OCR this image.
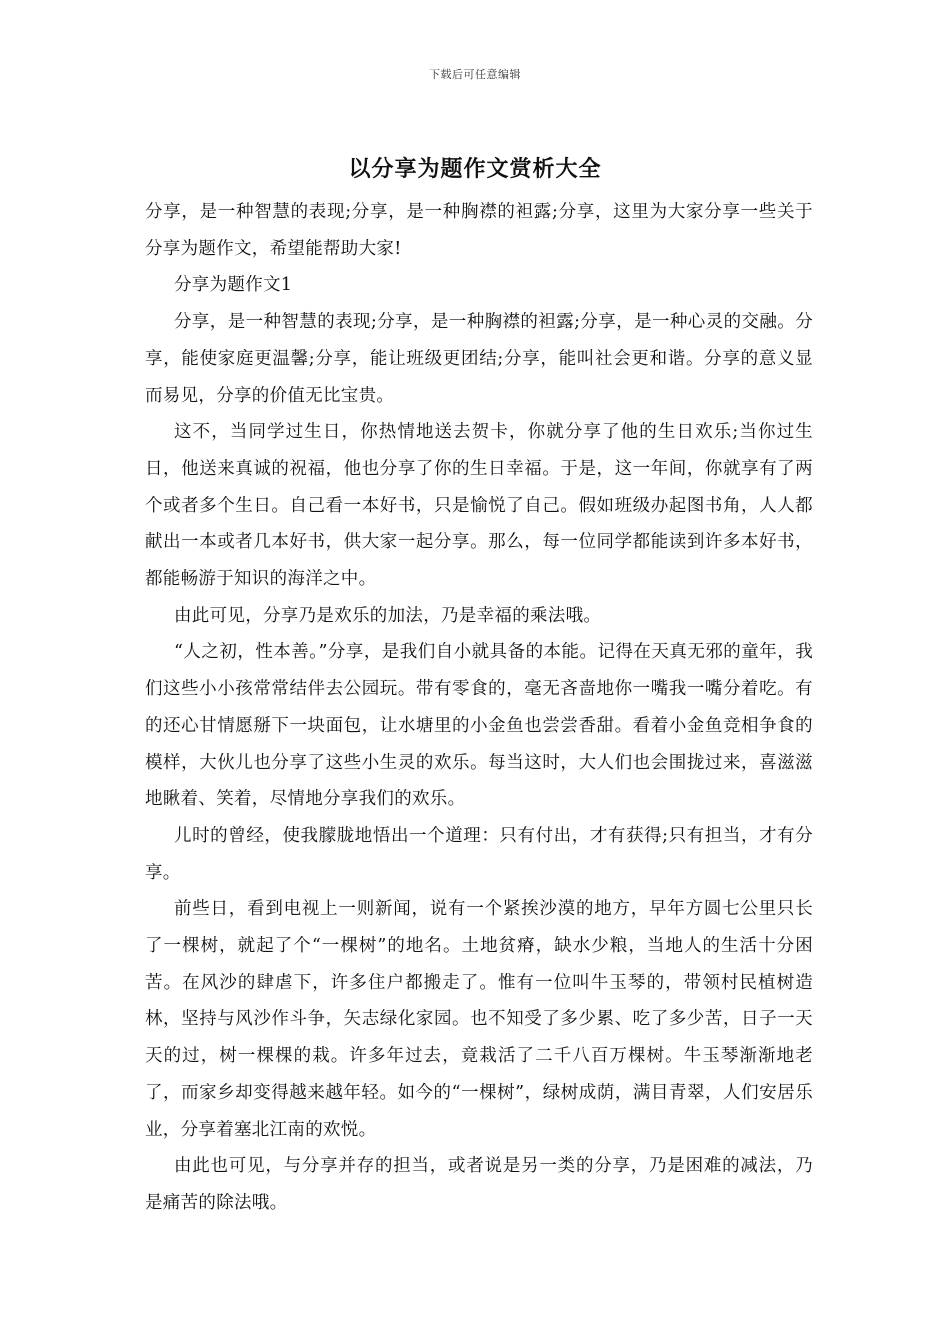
下载后可任意编辑
以分享为题作文赏析大全

分享，是一种智慧的表现;分享，是一种胸襟的袒露;分享，这里为大家分享一些关于分享为题作文，希望能帮助大家!

分享为题作文1

分享，是一种智慧的表现;分享，是一种胸襟的袒露;分享，是一种心灵的交融。分享，能使家庭更温馨;分享，能让班级更团结;分享，能叫社会更和谐。分享的意义显而易见，分享的价值无比宝贵。

这不，当同学过生日，你热情地送去贺卡，你就分享了他的生日欢乐;当你过生日，他送来真诚的祝福，他也分享了你的生日幸福。于是，这一年间，你就享有了两个或者多个生日。自己看一本好书，只是愉悦了自己。假如班级办起图书角，人人都献出一本或者几本好书，供大家一起分享。那么，每一位同学都能读到许多本好书，都能畅游于知识的海洋之中。

由此可见，分享乃是欢乐的加法，乃是幸福的乘法哦。

“人之初，性本善。”分享，是我们自小就具备的本能。记得在天真无邪的童年，我们这些小小孩常常结伴去公园玩。带有零食的，毫无吝啬地你一嘴我一嘴分着吃。有的还心甘情愿掰下一块面包，让水塘里的小金鱼也尝尝香甜。看着小金鱼竞相争食的模样，大伙儿也分享了这些小生灵的欢乐。每当这时，大人们也会围拢过来，喜滋滋地瞅着、笑着，尽情地分享我们的欢乐。

儿时的曾经，使我朦胧地悟出一个道理：只有付出，才有获得;只有担当，才有分享。

前些日，看到电视上一则新闻，说有一个紧挨沙漠的地方，早年方圆七公里只长了一棵树，就起了个“一棵树”的地名。土地贫瘠，缺水少粮，当地人的生活十分困苦。在风沙的肆虐下，许多住户都搬走了。惟有一位叫牛玉琴的，带领村民植树造林，坚持与风沙作斗争，矢志绿化家园。也不知受了多少累、吃了多少苦，日子一天天的过，树一棵棵的栽。许多年过去，竟栽活了二千八百万棵树。牛玉琴渐渐地老了，而家乡却变得越来越年轻。如今的“一棵树”，绿树成荫，满目青翠，人们安居乐业，分享着塞北江南的欢悦。

由此也可见，与分享并存的担当，或者说是另一类的分享，乃是困难的减法，乃是痛苦的除法哦。
